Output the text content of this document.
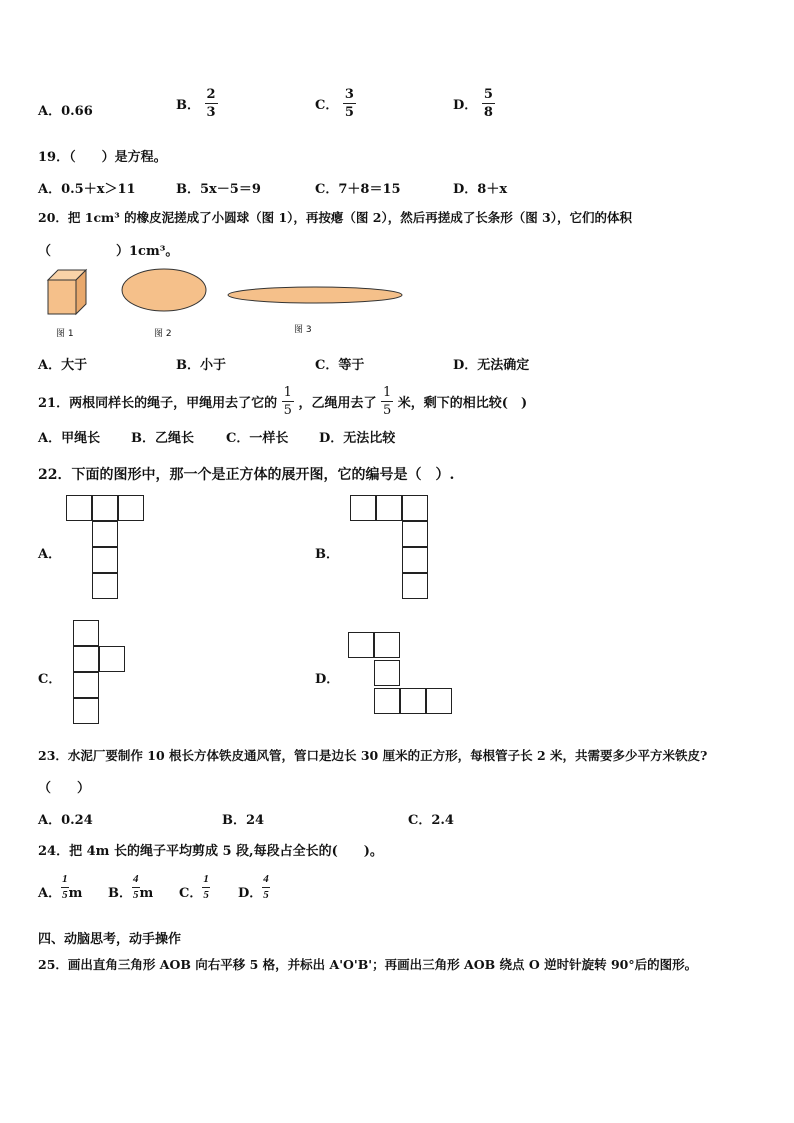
A．0.66	B． $\frac{2}{3}$	C． $\frac{3}{5}$	D． $\frac{5}{8}$
19．（　　）是方程。
A．0.5＋x＞11	B．5x－5＝9	C．7＋8＝15	D．8＋x
20．把 1cm³ 的橡皮泥搓成了小圆球（图 1），再按瘪（图 2），然后再搓成了长条形（图 3），它们的体积
（　　　　　）1cm³。
图 1	图 2	图 3
A．大于	B．小于	C．等于	D．无法确定
21．两根同样长的绳子，甲绳用去了它的 $\frac{1}{5}$ ，乙绳用去了 $\frac{1}{5}$ 米，剩下的相比较(　)
A．甲绳长 B．乙绳长 C．一样长 D．无法比较
22．下面的图形中，那一个是正方体的展开图，它的编号是（　）.
A．	B．
C．	D．
23．水泥厂要制作 10 根长方体铁皮通风管，管口是边长 30 厘米的正方形，每根管子长 2 米，共需要多少平方米铁皮?
（　　）
A．0.24	B．24	C．2.4
24．把 4m 长的绳子平均剪成 5 段,每段占全长的(　　)。
A． $\frac{1}{5}$ m B． $\frac{4}{5}$ m C． $\frac{1}{5}$ D． $\frac{4}{5}$
四、动脑思考，动手操作
25．画出直角三角形 AOB 向右平移 5 格，并标出 A'O'B'；再画出三角形 AOB 绕点 O 逆时针旋转 90°后的图形。
